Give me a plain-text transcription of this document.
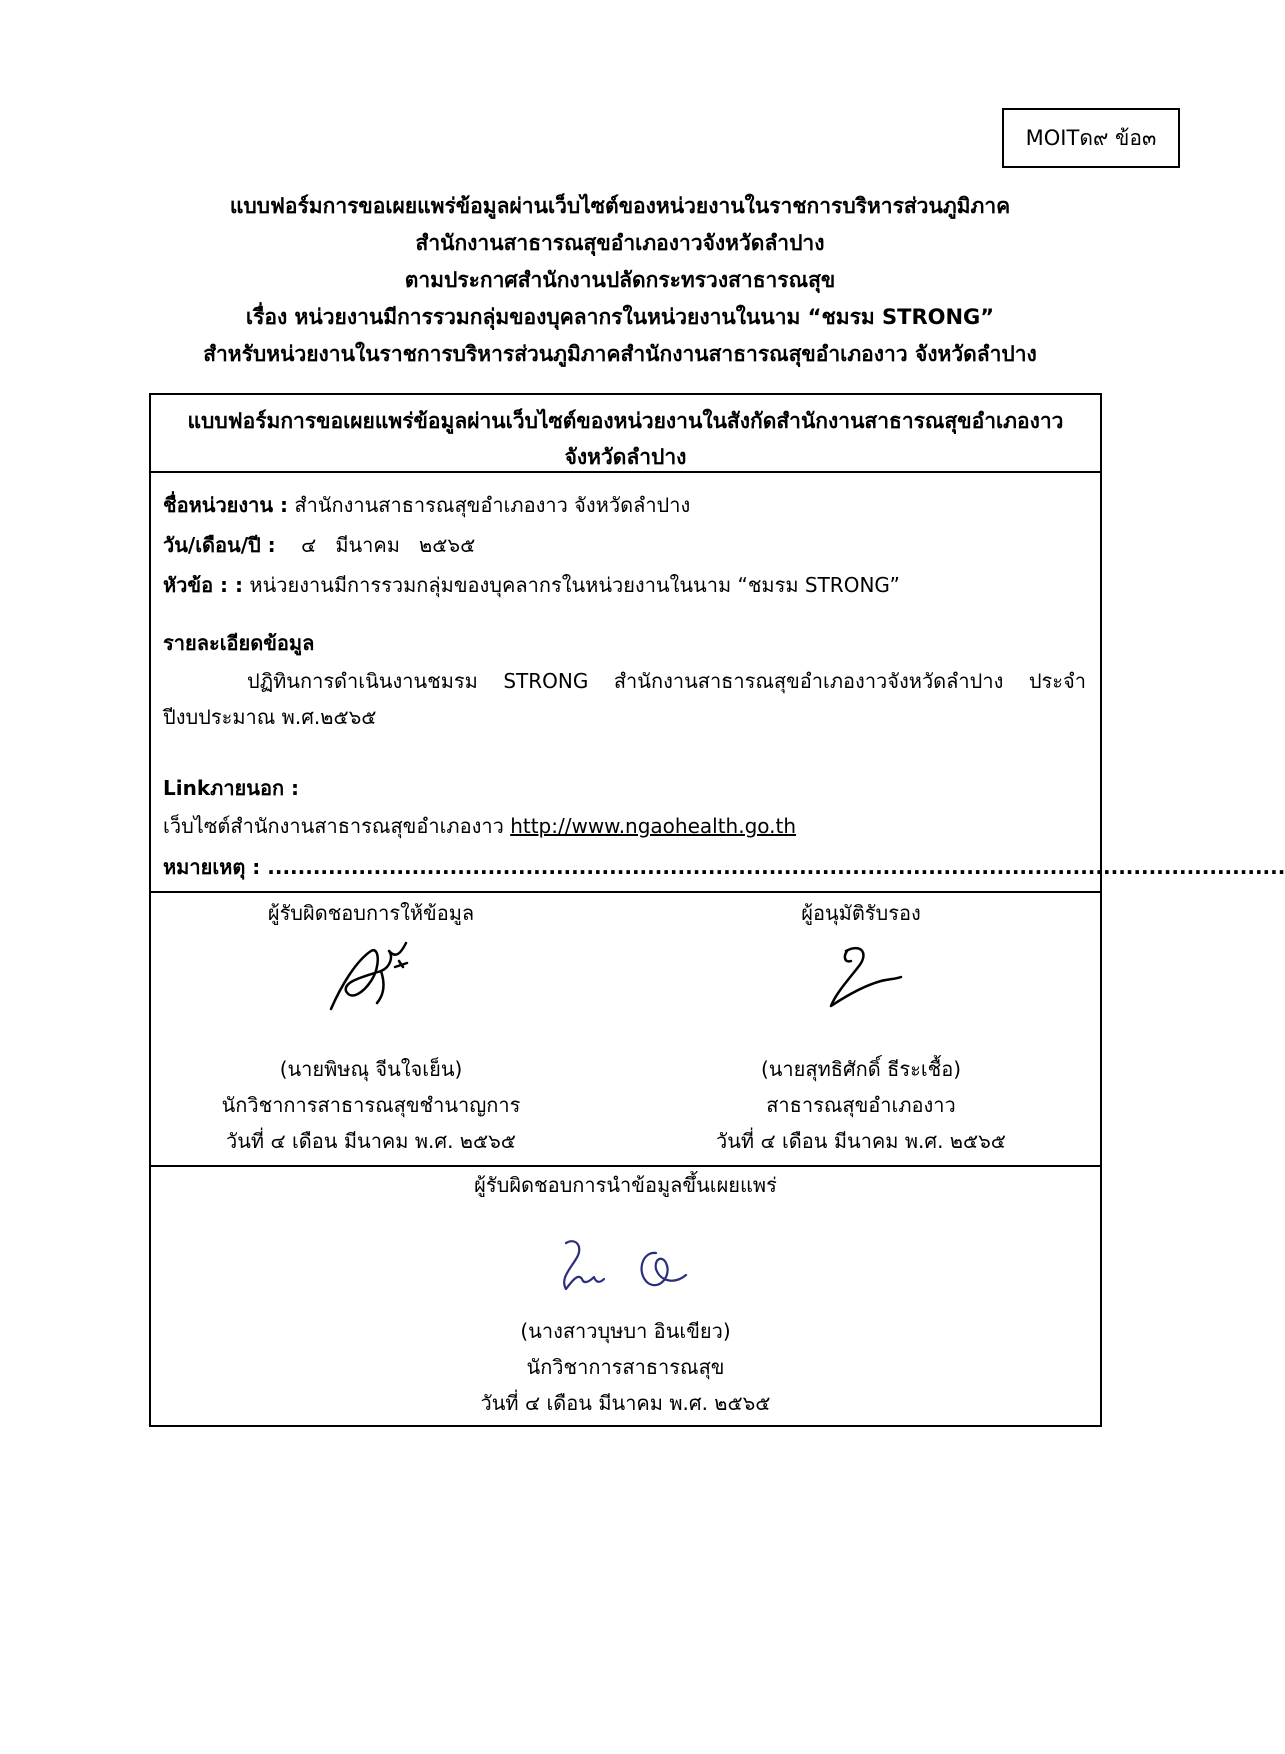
MOITด๙ ข้อ๓
แบบฟอร์มการขอเผยแพร่ข้อมูลผ่านเว็บไซต์ของหน่วยงานในราชการบริหารส่วนภูมิภาค
สำนักงานสาธารณสุขอำเภองาวจังหวัดลำปาง
ตามประกาศสำนักงานปลัดกระทรวงสาธารณสุข
เรื่อง หน่วยงานมีการรวมกลุ่มของบุคลากรในหน่วยงานในนาม “ชมรม STRONG”
สำหรับหน่วยงานในราชการบริหารส่วนภูมิภาคสำนักงานสาธารณสุขอำเภองาว จังหวัดลำปาง
แบบฟอร์มการขอเผยแพร่ข้อมูลผ่านเว็บไซต์ของหน่วยงานในสังกัดสำนักงานสาธารณสุขอำเภองาว
จังหวัดลำปาง
ชื่อหน่วยงาน : สำนักงานสาธารณสุขอำเภองาว จังหวัดลำปาง
วัน/เดือน/ปี :    ๔   มีนาคม   ๒๕๖๕
หัวข้อ : : หน่วยงานมีการรวมกลุ่มของบุคลากรในหน่วยงานในนาม “ชมรม STRONG”
รายละเอียดข้อมูล
ปฏิทินการดำเนินงานชมรม STRONG สำนักงานสาธารณสุขอำเภองาวจังหวัดลำปาง ประจำปีงบประมาณ พ.ศ.๒๕๖๕
Linkภายนอก :
เว็บไซต์สำนักงานสาธารณสุขอำเภองาว http://www.ngaohealth.go.th
หมายเหตุ : ......................................................................................................................................
ผู้รับผิดชอบการให้ข้อมูล
(นายพิษณุ จีนใจเย็น)
นักวิชาการสาธารณสุขชำนาญการ
วันที่ ๔ เดือน มีนาคม พ.ศ. ๒๕๖๕
ผู้อนุมัติรับรอง
(นายสุทธิศักดิ์ ธีระเชื้อ)
สาธารณสุขอำเภองาว
วันที่ ๔ เดือน มีนาคม พ.ศ. ๒๕๖๕
ผู้รับผิดชอบการนำข้อมูลขึ้นเผยแพร่
(นางสาวบุษบา อินเขียว)
นักวิชาการสาธารณสุข
วันที่ ๔ เดือน มีนาคม พ.ศ. ๒๕๖๕
